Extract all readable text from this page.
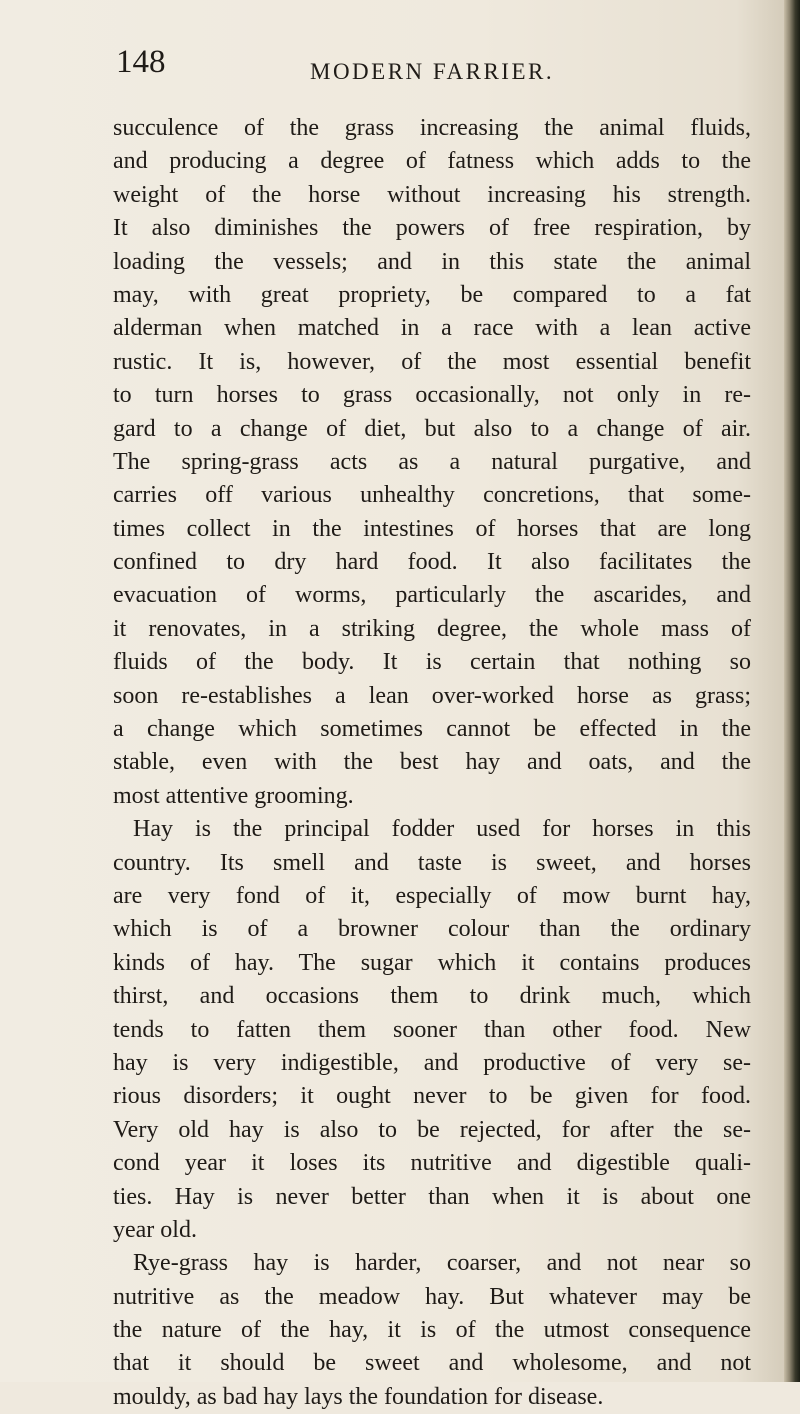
148	MODERN FARRIER.

succulence of the grass increasing the animal fluids,
and producing a degree of fatness which adds to the
weight of the horse without increasing his strength.
It also diminishes the powers of free respiration, by
loading the vessels; and in this state the animal
may, with great propriety, be compared to a fat
alderman when matched in a race with a lean active
rustic. It is, however, of the most essential benefit
to turn horses to grass occasionally, not only in re-
gard to a change of diet, but also to a change of air.
The spring-grass acts as a natural purgative, and
carries off various unhealthy concretions, that some-
times collect in the intestines of horses that are long
confined to dry hard food. It also facilitates the
evacuation of worms, particularly the ascarides, and
it renovates, in a striking degree, the whole mass of
fluids of the body. It is certain that nothing so
soon re-establishes a lean over-worked horse as grass;
a change which sometimes cannot be effected in the
stable, even with the best hay and oats, and the
most attentive grooming.
Hay is the principal fodder used for horses in this
country. Its smell and taste is sweet, and horses
are very fond of it, especially of mow burnt hay,
which is of a browner colour than the ordinary
kinds of hay. The sugar which it contains produces
thirst, and occasions them to drink much, which
tends to fatten them sooner than other food. New
hay is very indigestible, and productive of very se-
rious disorders; it ought never to be given for food.
Very old hay is also to be rejected, for after the se-
cond year it loses its nutritive and digestible quali-
ties. Hay is never better than when it is about one
year old.
Rye-grass hay is harder, coarser, and not near so
nutritive as the meadow hay. But whatever may be
the nature of the hay, it is of the utmost consequence
that it should be sweet and wholesome, and not
mouldy, as bad hay lays the foundation for disease.
